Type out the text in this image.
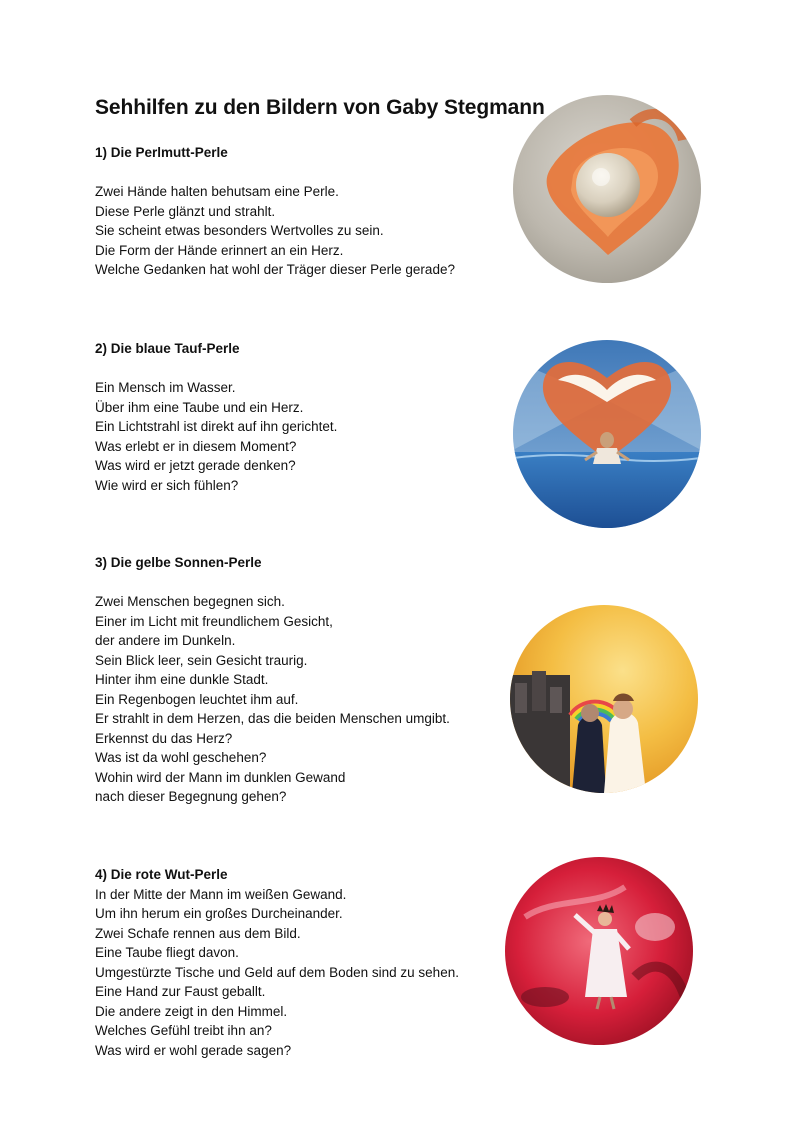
Sehhilfen zu den Bildern von Gaby Stegmann
1) Die Perlmutt-Perle
Zwei Hände halten behutsam eine Perle.
Diese Perle glänzt und strahlt.
Sie scheint etwas besonders Wertvolles zu sein.
Die Form der Hände erinnert an ein Herz.
Welche Gedanken hat wohl der Träger dieser Perle gerade?
2) Die blaue Tauf-Perle
Ein Mensch im Wasser.
Über ihm eine Taube und ein Herz.
Ein Lichtstrahl ist direkt auf ihn gerichtet.
Was erlebt er in diesem Moment?
Was wird er jetzt gerade denken?
Wie wird er sich fühlen?
3) Die gelbe Sonnen-Perle
Zwei Menschen begegnen sich.
Einer im Licht mit freundlichem Gesicht,
der andere im Dunkeln.
Sein Blick leer, sein Gesicht traurig.
Hinter ihm eine dunkle Stadt.
Ein Regenbogen leuchtet ihm auf.
Er strahlt in dem Herzen, das die beiden Menschen umgibt.
Erkennst du das Herz?
Was ist da wohl geschehen?
Wohin wird der Mann im dunklen Gewand
nach dieser Begegnung gehen?
4) Die rote Wut-Perle
In der Mitte der Mann im weißen Gewand.
Um ihn herum ein großes Durcheinander.
Zwei Schafe rennen aus dem Bild.
Eine Taube fliegt davon.
Umgestürzte Tische und Geld auf dem Boden sind zu sehen.
Eine Hand zur Faust geballt.
Die andere zeigt in den Himmel.
Welches Gefühl treibt ihn an?
Was wird er wohl gerade sagen?
